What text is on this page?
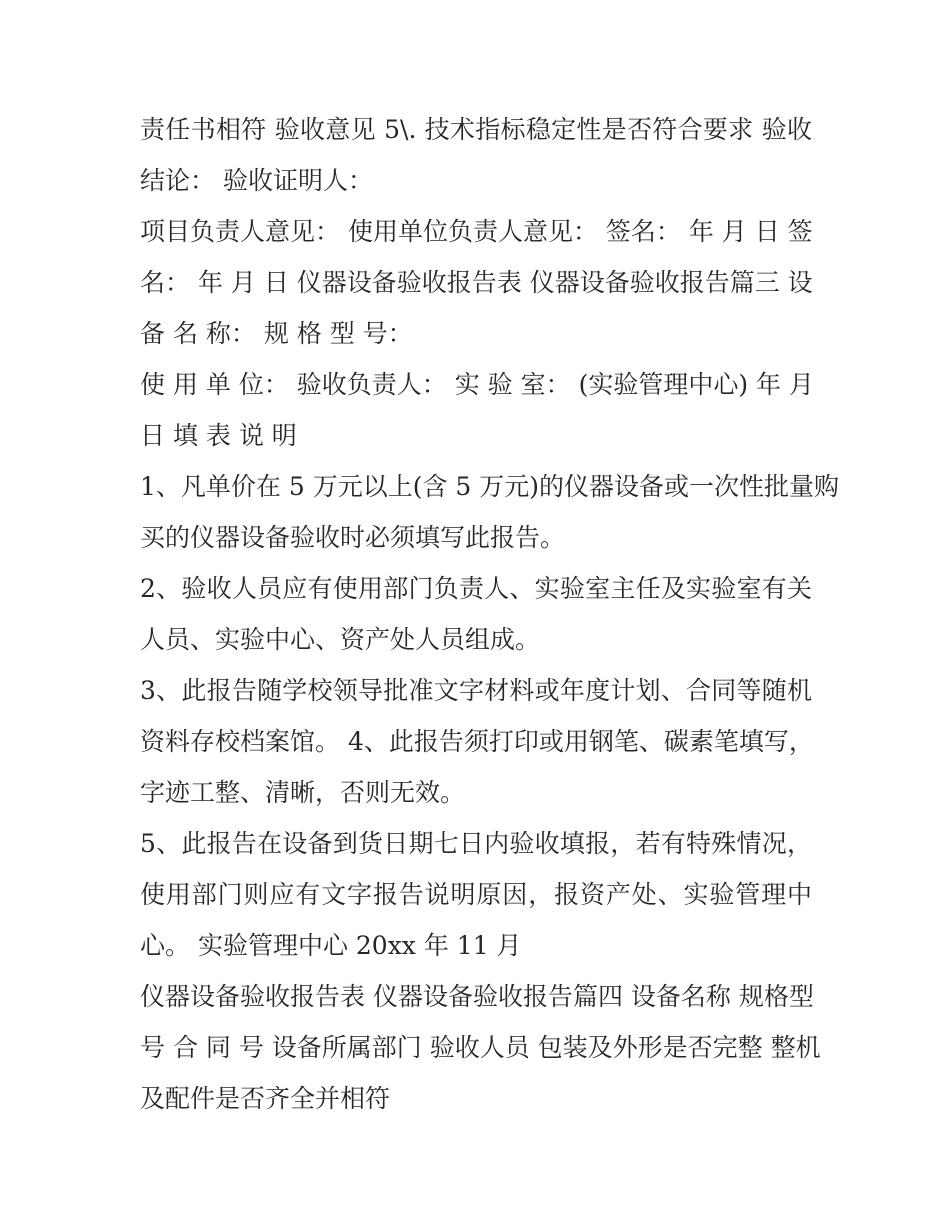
责任书相符 验收意见 5\. 技术指标稳定性是否符合要求 验收
结论： 验收证明人：
项目负责人意见： 使用单位负责人意见： 签名： 年 月 日 签
名： 年 月 日 仪器设备验收报告表 仪器设备验收报告篇三 设
备 名 称： 规 格 型 号：
使 用 单 位： 验收负责人： 实 验 室： (实验管理中心) 年 月
日 填 表 说 明
1、凡单价在 5 万元以上(含 5 万元)的仪器设备或一次性批量购
买的仪器设备验收时必须填写此报告。
2、验收人员应有使用部门负责人、实验室主任及实验室有关
人员、实验中心、资产处人员组成。
3、此报告随学校领导批准文字材料或年度计划、合同等随机
资料存校档案馆。 4、此报告须打印或用钢笔、碳素笔填写，
字迹工整、清晰，否则无效。
5、此报告在设备到货日期七日内验收填报，若有特殊情况，
使用部门则应有文字报告说明原因，报资产处、实验管理中
心。 实验管理中心 20xx 年 11 月
仪器设备验收报告表 仪器设备验收报告篇四 设备名称 规格型
号 合 同 号 设备所属部门 验收人员 包装及外形是否完整 整机
及配件是否齐全并相符
